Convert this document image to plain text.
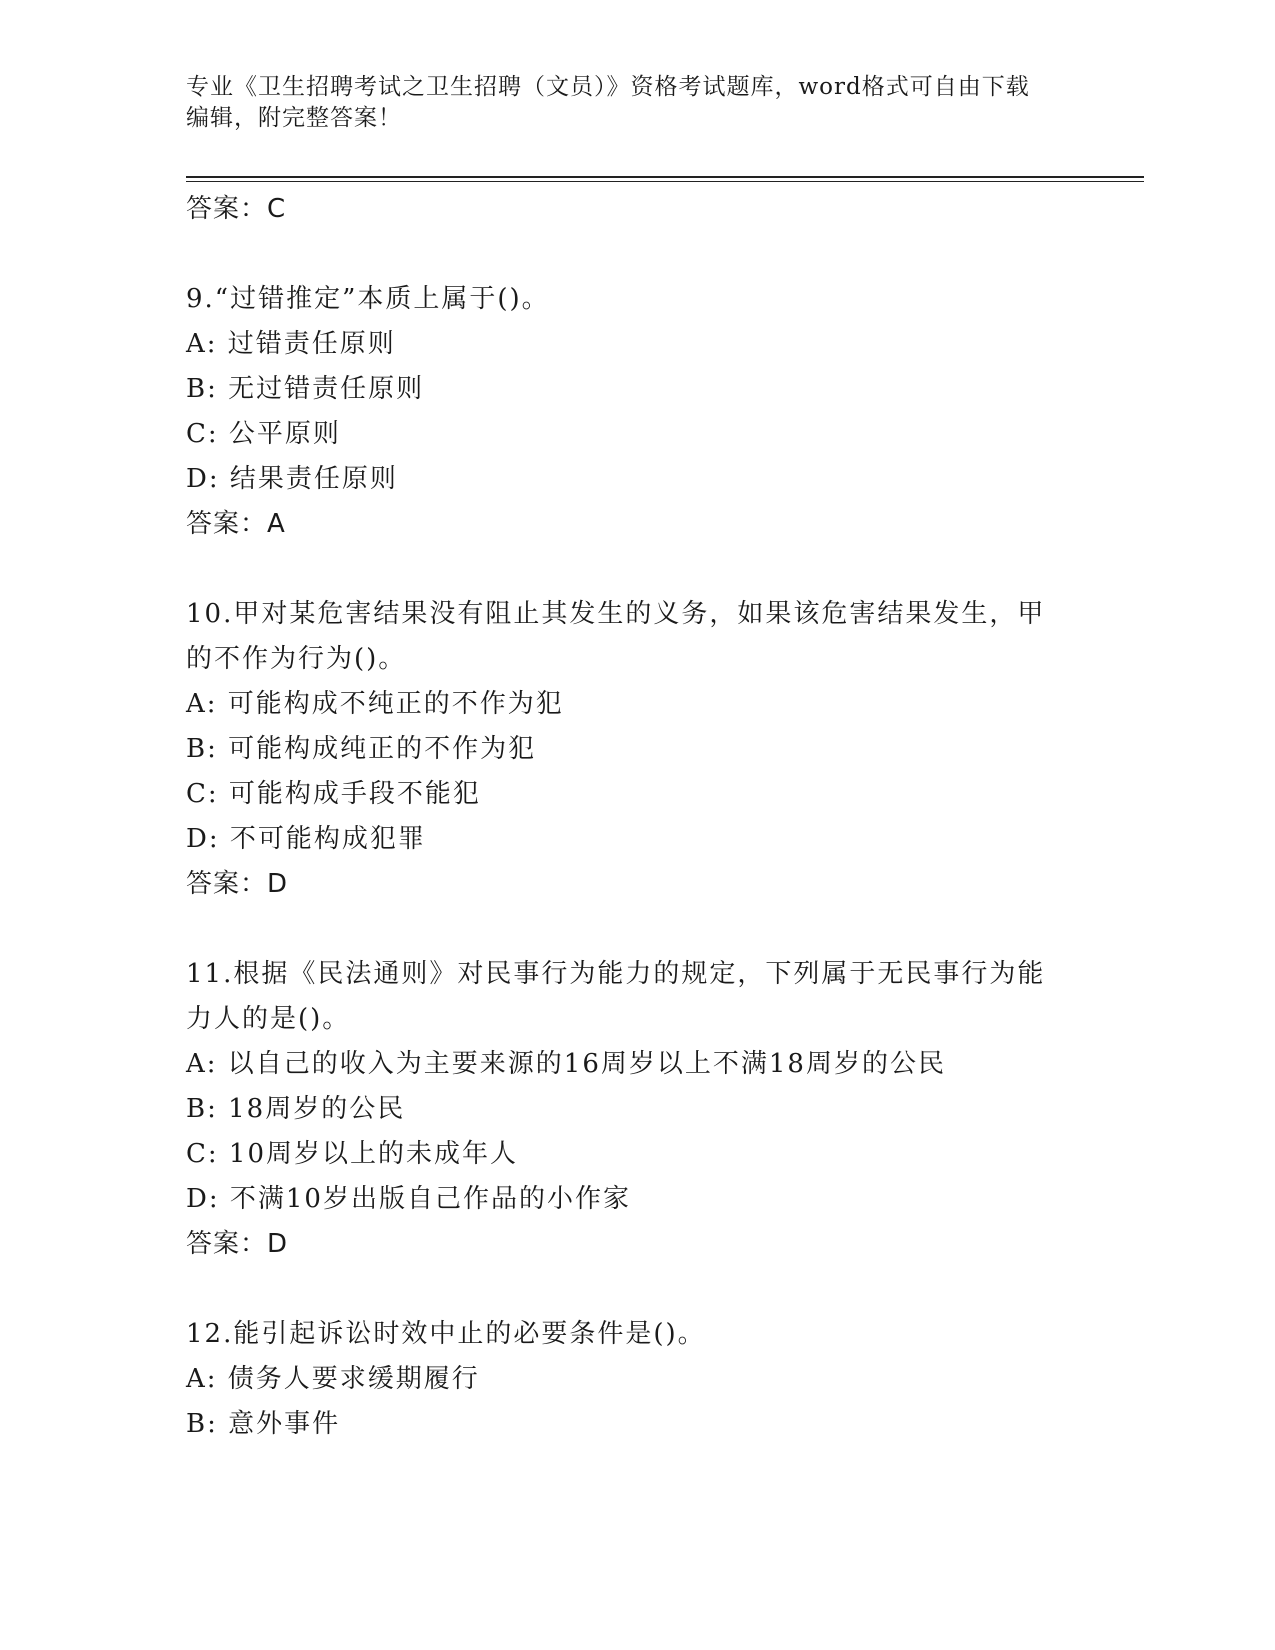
专业《卫生招聘考试之卫生招聘（文员）》资格考试题库，word格式可自由下载
编辑，附完整答案！
答案：C
9.“过错推定”本质上属于()。
A: 过错责任原则
B: 无过错责任原则
C: 公平原则
D: 结果责任原则
答案：A
10.甲对某危害结果没有阻止其发生的义务，如果该危害结果发生，甲
的不作为行为()。
A: 可能构成不纯正的不作为犯
B: 可能构成纯正的不作为犯
C: 可能构成手段不能犯
D: 不可能构成犯罪
答案：D
11.根据《民法通则》对民事行为能力的规定，下列属于无民事行为能
力人的是()。
A: 以自己的收入为主要来源的16周岁以上不满18周岁的公民
B: 18周岁的公民
C: 10周岁以上的未成年人
D: 不满10岁出版自己作品的小作家
答案：D
12.能引起诉讼时效中止的必要条件是()。
A: 债务人要求缓期履行
B: 意外事件
